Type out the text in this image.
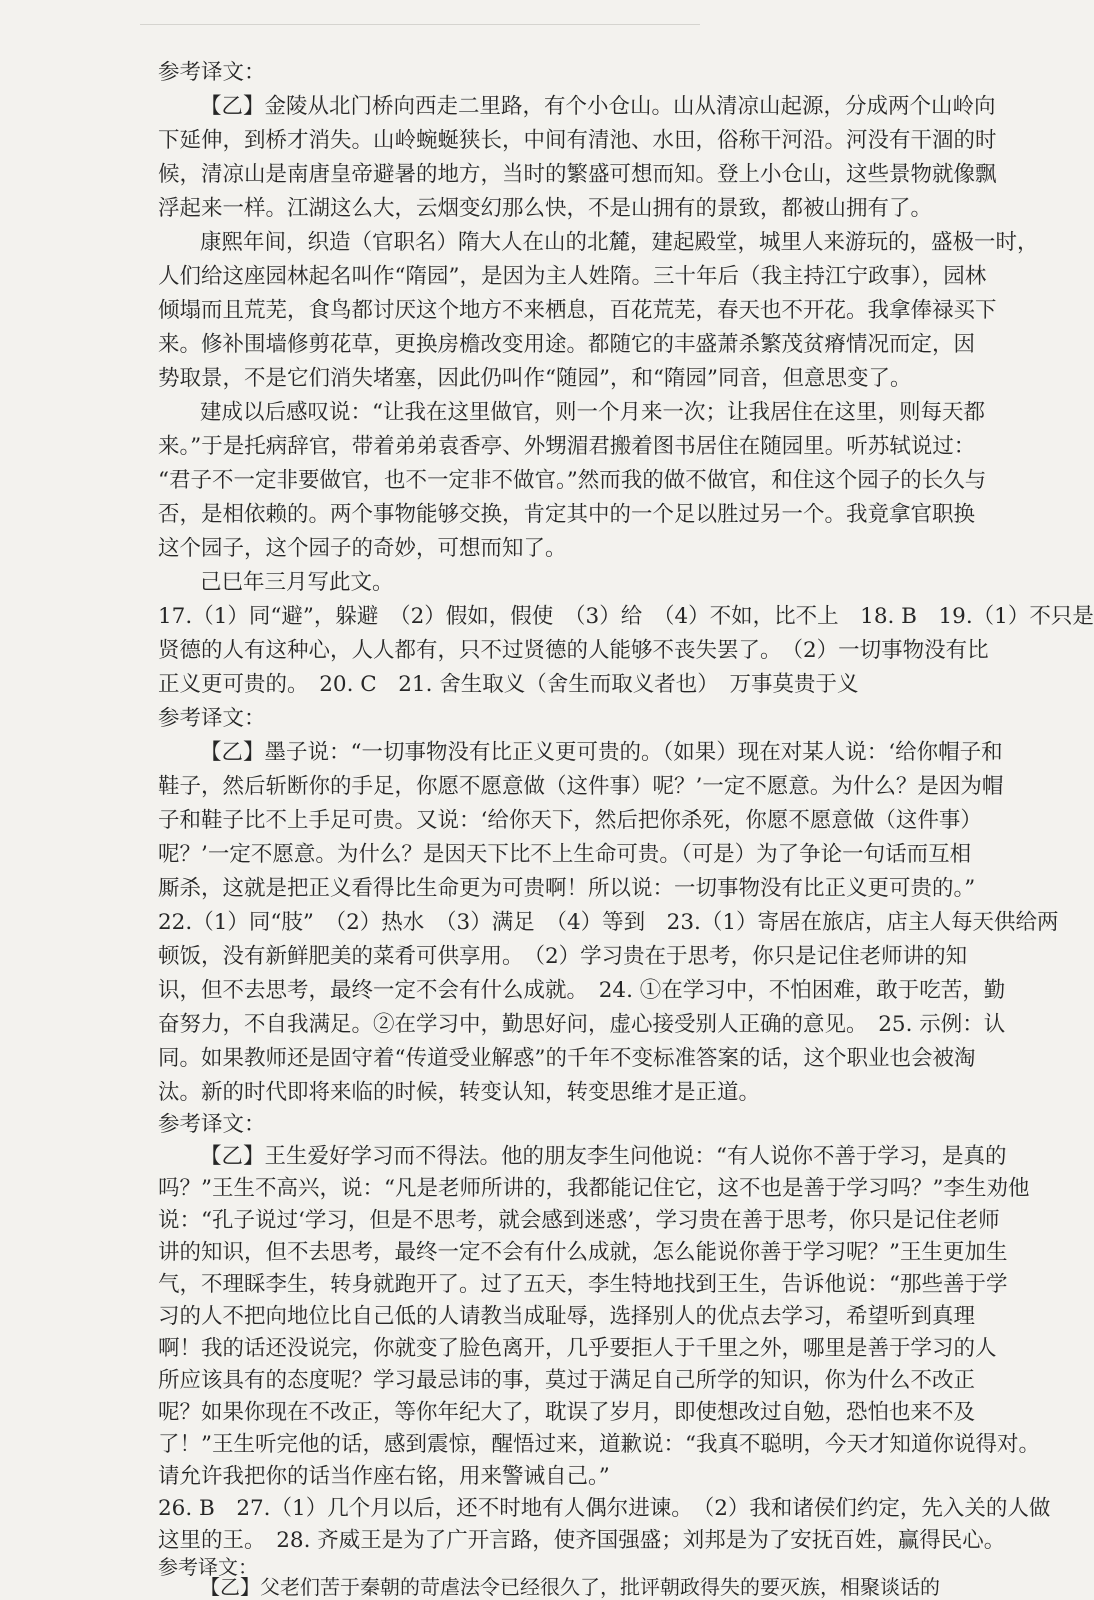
参考译文：
【乙】金陵从北门桥向西走二里路，有个小仓山。山从清凉山起源，分成两个山岭向
下延伸，到桥才消失。山岭蜿蜒狭长，中间有清池、水田，俗称干河沿。河没有干涸的时
候，清凉山是南唐皇帝避暑的地方，当时的繁盛可想而知。登上小仓山，这些景物就像飘
浮起来一样。江湖这么大，云烟变幻那么快，不是山拥有的景致，都被山拥有了。
康熙年间，织造（官职名）隋大人在山的北麓，建起殿堂，城里人来游玩的，盛极一时，
人们给这座园林起名叫作“隋园”，是因为主人姓隋。三十年后（我主持江宁政事），园林
倾塌而且荒芜，食鸟都讨厌这个地方不来栖息，百花荒芜，春天也不开花。我拿俸禄买下
来。修补围墙修剪花草，更换房檐改变用途。都随它的丰盛萧杀繁茂贫瘠情况而定，因
势取景，不是它们消失堵塞，因此仍叫作“随园”，和“隋园”同音，但意思变了。
建成以后感叹说：“让我在这里做官，则一个月来一次；让我居住在这里，则每天都
来。”于是托病辞官，带着弟弟袁香亭、外甥湄君搬着图书居住在随园里。听苏轼说过：
“君子不一定非要做官，也不一定非不做官。”然而我的做不做官，和住这个园子的长久与
否，是相依赖的。两个事物能够交换，肯定其中的一个足以胜过另一个。我竟拿官职换
这个园子，这个园子的奇妙，可想而知了。
己巳年三月写此文。
17.（1）同“避”，躲避　（2）假如，假使　（3）给　（4）不如，比不上　18. B　19.（1）不只是
贤德的人有这种心，人人都有，只不过贤德的人能够不丧失罢了。　（2）一切事物没有比
正义更可贵的。　20. C　21. 舍生取义（舍生而取义者也）　万事莫贵于义
参考译文：
【乙】墨子说：“一切事物没有比正义更可贵的。（如果）现在对某人说：‘给你帽子和
鞋子，然后斩断你的手足，你愿不愿意做（这件事）呢？’一定不愿意。为什么？是因为帽
子和鞋子比不上手足可贵。又说：‘给你天下，然后把你杀死，你愿不愿意做（这件事）
呢？’一定不愿意。为什么？是因天下比不上生命可贵。（可是）为了争论一句话而互相
厮杀，这就是把正义看得比生命更为可贵啊！所以说：一切事物没有比正义更可贵的。”
22.（1）同“肢”　（2）热水　（3）满足　（4）等到　23.（1）寄居在旅店，店主人每天供给两
顿饭，没有新鲜肥美的菜肴可供享用。　（2）学习贵在于思考，你只是记住老师讲的知
识，但不去思考，最终一定不会有什么成就。　24. ①在学习中，不怕困难，敢于吃苦，勤
奋努力，不自我满足。②在学习中，勤思好问，虚心接受别人正确的意见。　25. 示例：认
同。如果教师还是固守着“传道受业解惑”的千年不变标准答案的话，这个职业也会被淘
汰。新的时代即将来临的时候，转变认知，转变思维才是正道。
参考译文：
【乙】王生爱好学习而不得法。他的朋友李生问他说：“有人说你不善于学习，是真的
吗？”王生不高兴，说：“凡是老师所讲的，我都能记住它，这不也是善于学习吗？”李生劝他
说：“孔子说过‘学习，但是不思考，就会感到迷惑’，学习贵在善于思考，你只是记住老师
讲的知识，但不去思考，最终一定不会有什么成就，怎么能说你善于学习呢？”王生更加生
气，不理睬李生，转身就跑开了。过了五天，李生特地找到王生，告诉他说：“那些善于学
习的人不把向地位比自己低的人请教当成耻辱，选择别人的优点去学习，希望听到真理
啊！我的话还没说完，你就变了脸色离开，几乎要拒人于千里之外，哪里是善于学习的人
所应该具有的态度呢？学习最忌讳的事，莫过于满足自己所学的知识，你为什么不改正
呢？如果你现在不改正，等你年纪大了，耽误了岁月，即使想改过自勉，恐怕也来不及
了！”王生听完他的话，感到震惊，醒悟过来，道歉说：“我真不聪明，今天才知道你说得对。
请允许我把你的话当作座右铭，用来警诫自己。”
26. B　27.（1）几个月以后，还不时地有人偶尔进谏。　（2）我和诸侯们约定，先入关的人做
这里的王。　28. 齐威王是为了广开言路，使齐国强盛；刘邦是为了安抚百姓，赢得民心。
参考译文：
【乙】父老们苦于秦朝的苛虐法令已经很久了，批评朝政得失的要灭族，相聚谈话的
